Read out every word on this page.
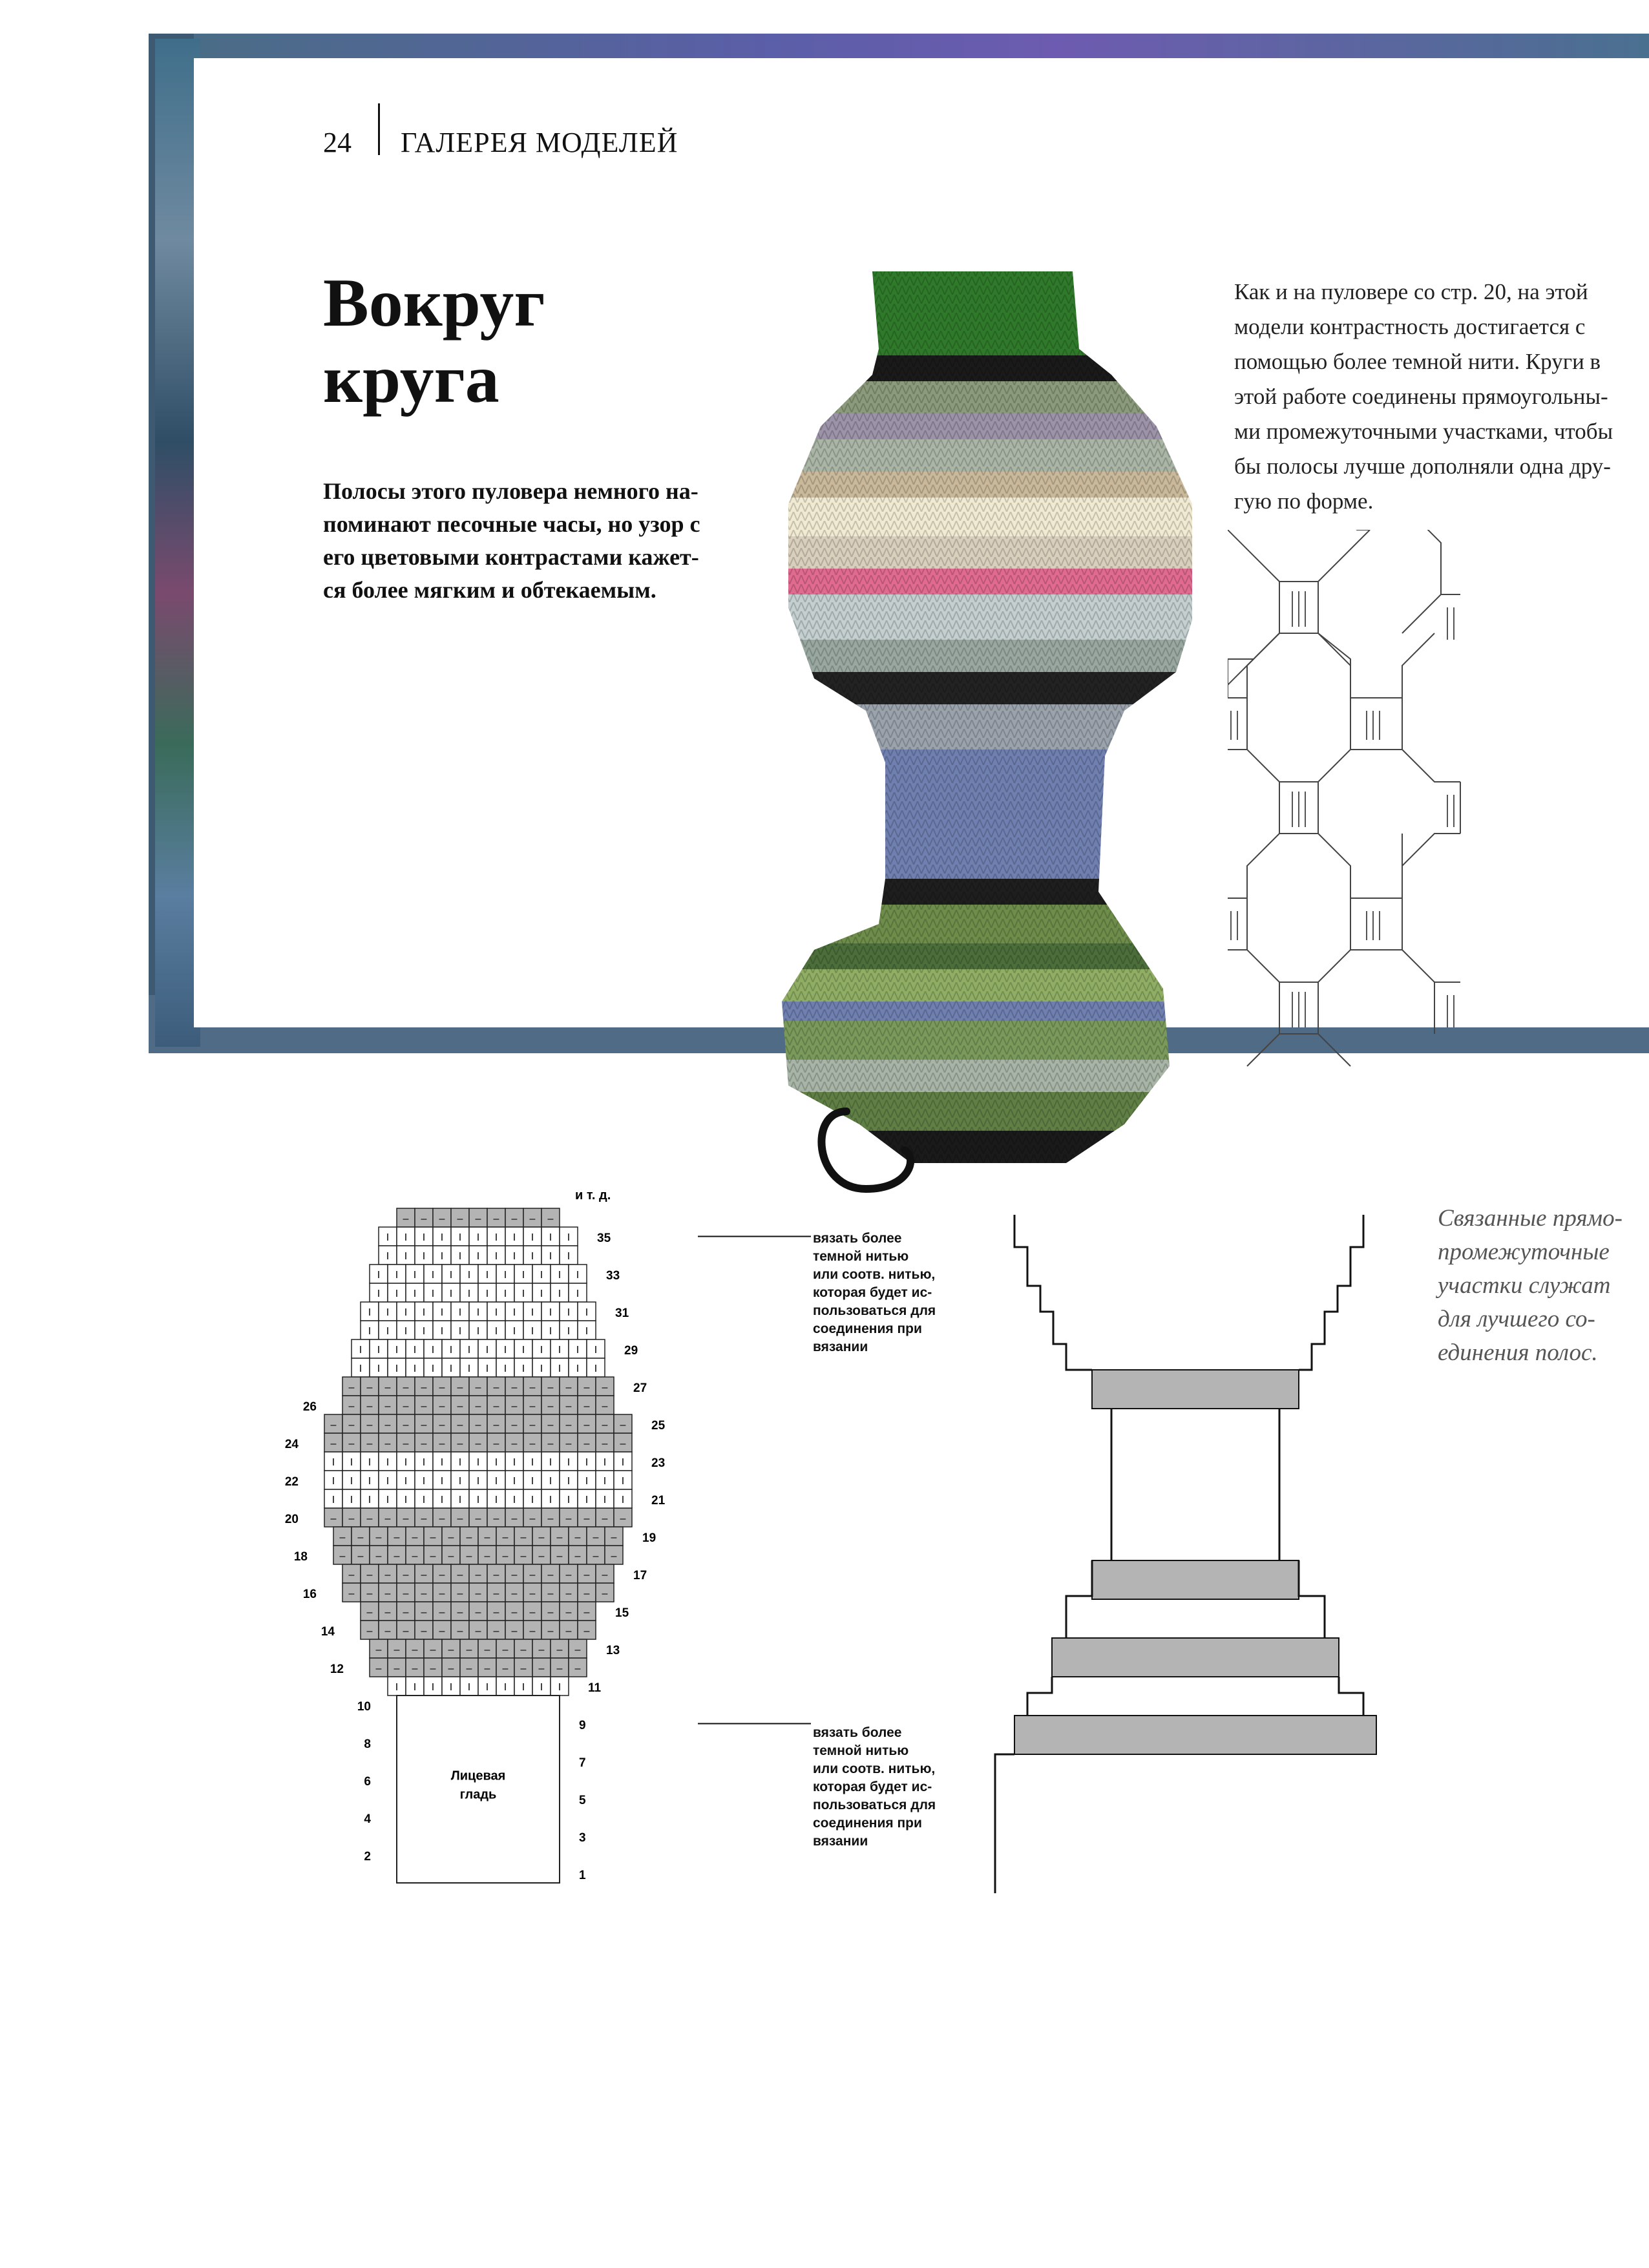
24 ГАЛЕРЕЯ МОДЕЛЕЙ
Вокруг
круга
Полосы этого пуловера немного на-
поминают песочные часы, но узор с
его цветовыми контрастами кажет-
ся более мягким и обтекаемым.
Как и на пуловере со стр. 20, на этой
модели контрастность достигается с
помощью более темной нити. Круги в
этой работе соединены прямоугольны-
ми промежуточными участками, чтобы
бы полосы лучше дополняли одна дру-
гую по форме.
Связанные прямо-
промежуточные
участки служат
для лучшего со-
единения полос.
– – – – – – – – –
I I I I I I I I I I I
I I I I I I I I I I I
I I I I I I I I I I I I
I I I I I I I I I I I I
I I I I I I I I I I I I I
I I I I I I I I I I I I I
I I I I I I I I I I I I I I
I I I I I I I I I I I I I I
– – – – – – – – – – – – – – –
– – – – – – – – – – – – – – –
– – – – – – – – – – – – – – – – –
– – – – – – – – – – – – – – – – –
I I I I I I I I I I I I I I I I I
I I I I I I I I I I I I I I I I I
I I I I I I I I I I I I I I I I I
– – – – – – – – – – – – – – – – –
– – – – – – – – – – – – – – – –
– – – – – – – – – – – – – – – –
– – – – – – – – – – – – – – –
– – – – – – – – – – – – – – –
– – – – – – – – – – – – –
– – – – – – – – – – – – –
– – – – – – – – – – – –
– – – – – – – – – – – –
I I I I I I I I I I
Лицевая
гладь
и т. д.
35
33
31
29
27
25
23
21
19
17
15
13
11
9
7
5
3
1
26
24
22
20
18
16
14
12
10
8
6
4
2
вязать более
темной нитью
или соотв. нитью,
которая будет ис-
пользоваться для
соединения при
вязании
вязать более
темной нитью
или соотв. нитью,
которая будет ис-
пользоваться для
соединения при
вязании
